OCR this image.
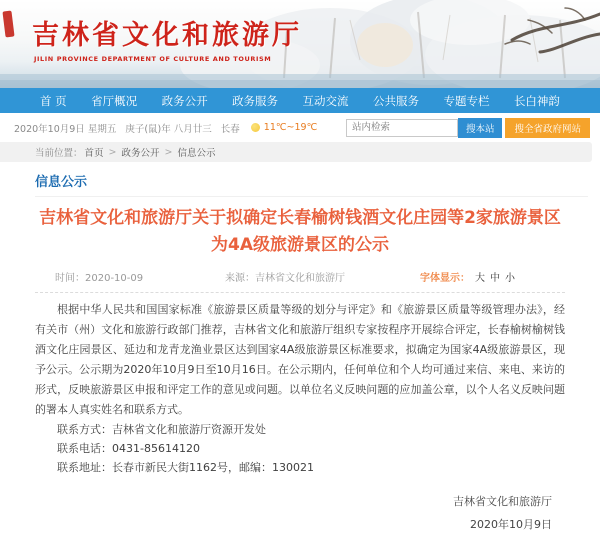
吉林省文化和旅游厅
JILIN PROVINCE DEPARTMENT OF CULTURE AND TOURISM
首 页 省厅概况 政务公开 政务服务 互动交流 公共服务 专题专栏 长白神韵
2020年10月9日 星期五 庚子(鼠)年 八月廿三 长春	11℃~19℃
站内检索	搜本站	搜全省政府网站
当前位置： 首页 > 政务公开 > 信息公示
信息公示
吉林省文化和旅游厅关于拟确定长春榆树钱酒文化庄园等2家旅游景区为4A级旅游景区的公示
时间：2020-10-09	来源：吉林省文化和旅游厅	字体显示： 大 中 小

根据中华人民共和国国家标准《旅游景区质量等级的划分与评定》和《旅游景区质量等级管理办法》，经有关市（州）文化和旅游行政部门推荐，吉林省文化和旅游厅组织专家按程序开展综合评定，长春榆树榆树钱酒文化庄园景区、延边和龙青龙渔业景区达到国家4A级旅游景区标准要求，拟确定为国家4A级旅游景区，现予公示。公示期为2020年10月9日至10月16日。在公示期内，任何单位和个人均可通过来信、来电、来访的形式，反映旅游景区申报和评定工作的意见或问题。以单位名义反映问题的应加盖公章，以个人名义反映问题的署本人真实姓名和联系方式。

联系方式：吉林省文化和旅游厅资源开发处

联系电话：0431-85614120

联系地址：长春市新民大街1162号，邮编：130021

吉林省文化和旅游厅
2020年10月9日
